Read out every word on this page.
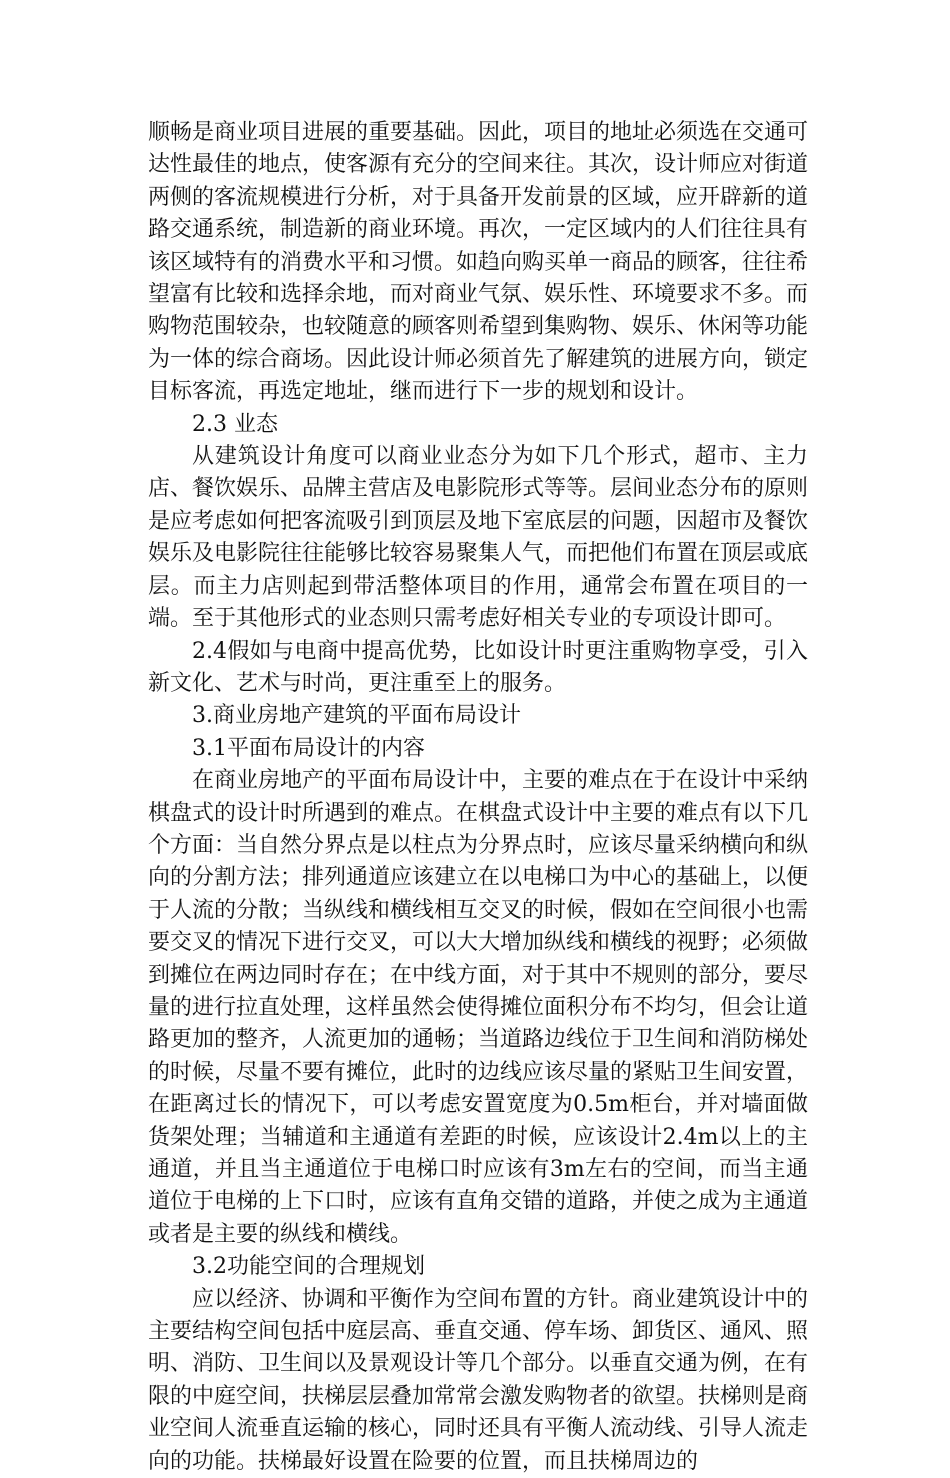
顺畅是商业项目进展的重要基础。因此，项目的地址必须选在交通可达性最佳的地点，使客源有充分的空间来往。其次，设计师应对街道两侧的客流规模进行分析，对于具备开发前景的区域，应开辟新的道路交通系统，制造新的商业环境。再次，一定区域内的人们往往具有该区域特有的消费水平和习惯。如趋向购买单一商品的顾客，往往希望富有比较和选择余地，而对商业气氛、娱乐性、环境要求不多。而购物范围较杂，也较随意的顾客则希望到集购物、娱乐、休闲等功能为一体的综合商场。因此设计师必须首先了解建筑的进展方向，锁定目标客流，再选定地址，继而进行下一步的规划和设计。

2.3 业态

从建筑设计角度可以商业业态分为如下几个形式，超市、主力店、餐饮娱乐、品牌主营店及电影院形式等等。层间业态分布的原则是应考虑如何把客流吸引到顶层及地下室底层的问题，因超市及餐饮娱乐及电影院往往能够比较容易聚集人气，而把他们布置在顶层或底层。而主力店则起到带活整体项目的作用，通常会布置在项目的一端。至于其他形式的业态则只需考虑好相关专业的专项设计即可。

2.4假如与电商中提高优势，比如设计时更注重购物享受，引入新文化、艺术与时尚，更注重至上的服务。

3.商业房地产建筑的平面布局设计

3.1平面布局设计的内容

在商业房地产的平面布局设计中，主要的难点在于在设计中采纳棋盘式的设计时所遇到的难点。在棋盘式设计中主要的难点有以下几个方面：当自然分界点是以柱点为分界点时，应该尽量采纳横向和纵向的分割方法；排列通道应该建立在以电梯口为中心的基础上，以便于人流的分散；当纵线和横线相互交叉的时候，假如在空间很小也需要交叉的情况下进行交叉，可以大大增加纵线和横线的视野；必须做到摊位在两边同时存在；在中线方面，对于其中不规则的部分，要尽量的进行拉直处理，这样虽然会使得摊位面积分布不均匀，但会让道路更加的整齐，人流更加的通畅；当道路边线位于卫生间和消防梯处的时候，尽量不要有摊位，此时的边线应该尽量的紧贴卫生间安置，在距离过长的情况下，可以考虑安置宽度为0.5m柜台，并对墙面做货架处理；当辅道和主通道有差距的时候，应该设计2.4m以上的主通道，并且当主通道位于电梯口时应该有3m左右的空间，而当主通道位于电梯的上下口时，应该有直角交错的道路，并使之成为主通道或者是主要的纵线和横线。

3.2功能空间的合理规划

应以经济、协调和平衡作为空间布置的方针。商业建筑设计中的主要结构空间包括中庭层高、垂直交通、停车场、卸货区、通风、照明、消防、卫生间以及景观设计等几个部分。以垂直交通为例，在有限的中庭空间，扶梯层层叠加常常会激发购物者的欲望。扶梯则是商业空间人流垂直运输的核心，同时还具有平衡人流动线、引导人流走向的功能。扶梯最好设置在险要的位置，而且扶梯周边的
